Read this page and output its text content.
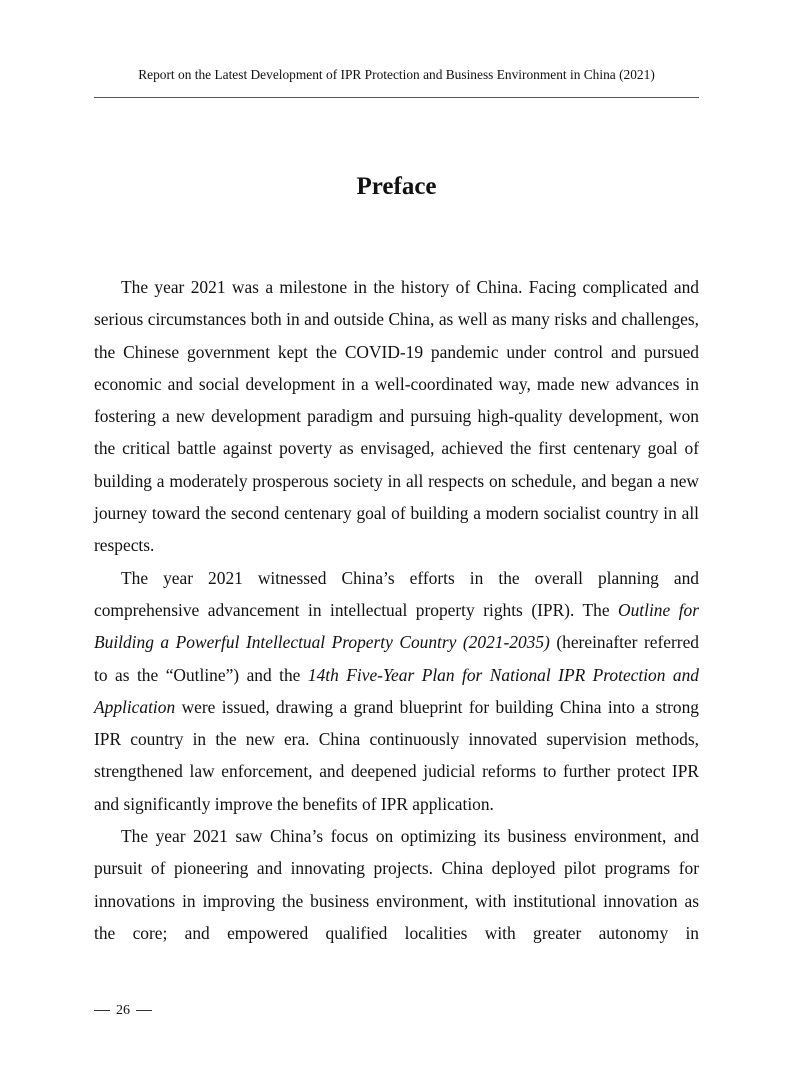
Report on the Latest Development of IPR Protection and Business Environment in China (2021)
Preface

The year 2021 was a milestone in the history of China. Facing complicated and serious circumstances both in and outside China, as well as many risks and challenges, the Chinese government kept the COVID-19 pandemic under control and pursued economic and social development in a well-coordinated way, made new advances in fostering a new development paradigm and pursuing high-quality development, won the critical battle against poverty as envisaged, achieved the first centenary goal of building a moderately prosperous society in all respects on schedule, and began a new journey toward the second centenary goal of building a modern socialist country in all respects.

The year 2021 witnessed China’s efforts in the overall planning and comprehensive advancement in intellectual property rights (IPR). The Outline for Building a Powerful Intellectual Property Country (2021-2035) (hereinafter referred to as the “Outline”) and the 14th Five-Year Plan for National IPR Protection and Application were issued, drawing a grand blueprint for building China into a strong IPR country in the new era. China continuously innovated supervision methods, strengthened law enforcement, and deepened judicial reforms to further protect IPR and significantly improve the benefits of IPR application.

The year 2021 saw China’s focus on optimizing its business environment, and pursuit of pioneering and innovating projects. China deployed pilot programs for innovations in improving the business environment, with institutional innovation as the core; and empowered qualified localities with greater autonomy in

26
